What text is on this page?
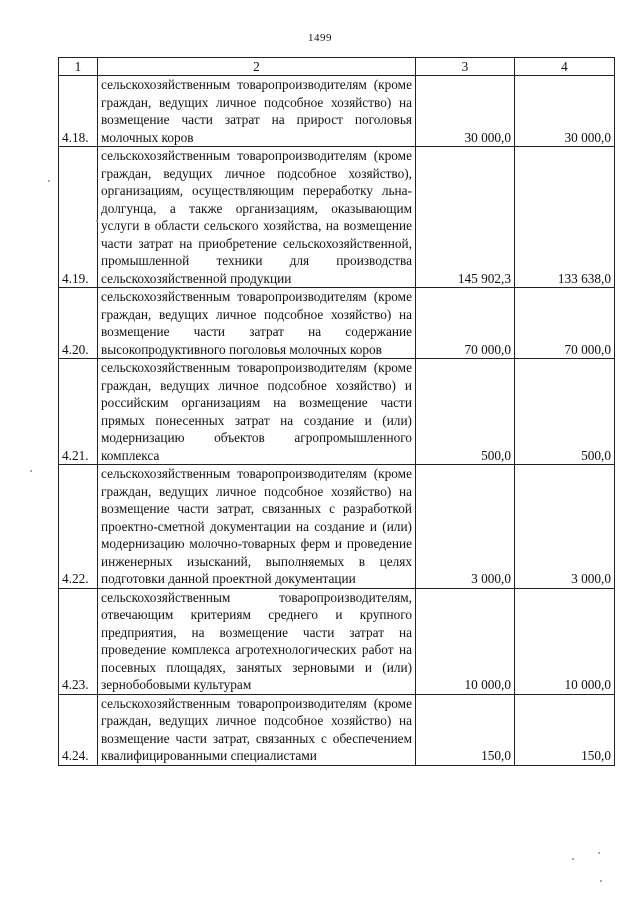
1499
1	2	3	4
4.18.	сельскохозяйственным товаропроизводителям (кроме граждан, ведущих личное подсобное хозяйство) на возмещение части затрат на прирост поголовья молочных коров	30 000,0	30 000,0
4.19.	сельскохозяйственным товаропроизводителям (кроме граждан, ведущих личное подсобное хозяйство), организациям, осуществляющим переработку льна-долгунца, а также организациям, оказывающим услуги в области сельского хозяйства, на возмещение части затрат на приобретение сельскохозяйственной, промышленной техники для производства сельскохозяйственной продукции	145 902,3	133 638,0
4.20.	сельскохозяйственным товаропроизводителям (кроме граждан, ведущих личное подсобное хозяйство) на возмещение части затрат на содержание высокопродуктивного поголовья молочных коров	70 000,0	70 000,0
4.21.	сельскохозяйственным товаропроизводителям (кроме граждан, ведущих личное подсобное хозяйство) и российским организациям на возмещение части прямых понесенных затрат на создание и (или) модернизацию объектов агропромышленного комплекса	500,0	500,0
4.22.	сельскохозяйственным товаропроизводителям (кроме граждан, ведущих личное подсобное хозяйство) на возмещение части затрат, связанных с разработкой проектно-сметной документации на создание и (или) модернизацию молочно-товарных ферм и проведение инженерных изысканий, выполняемых в целях подготовки данной проектной документации	3 000,0	3 000,0
4.23.	сельскохозяйственным товаропроизводителям, отвечающим критериям среднего и крупного предприятия, на возмещение части затрат на проведение комплекса агротехнологических работ на посевных площадях, занятых зерновыми и (или) зернобобовыми культурам	10 000,0	10 000,0
4.24.	сельскохозяйственным товаропроизводителям (кроме граждан, ведущих личное подсобное хозяйство) на возмещение части затрат, связанных с обеспечением квалифицированными специалистами	150,0	150,0
